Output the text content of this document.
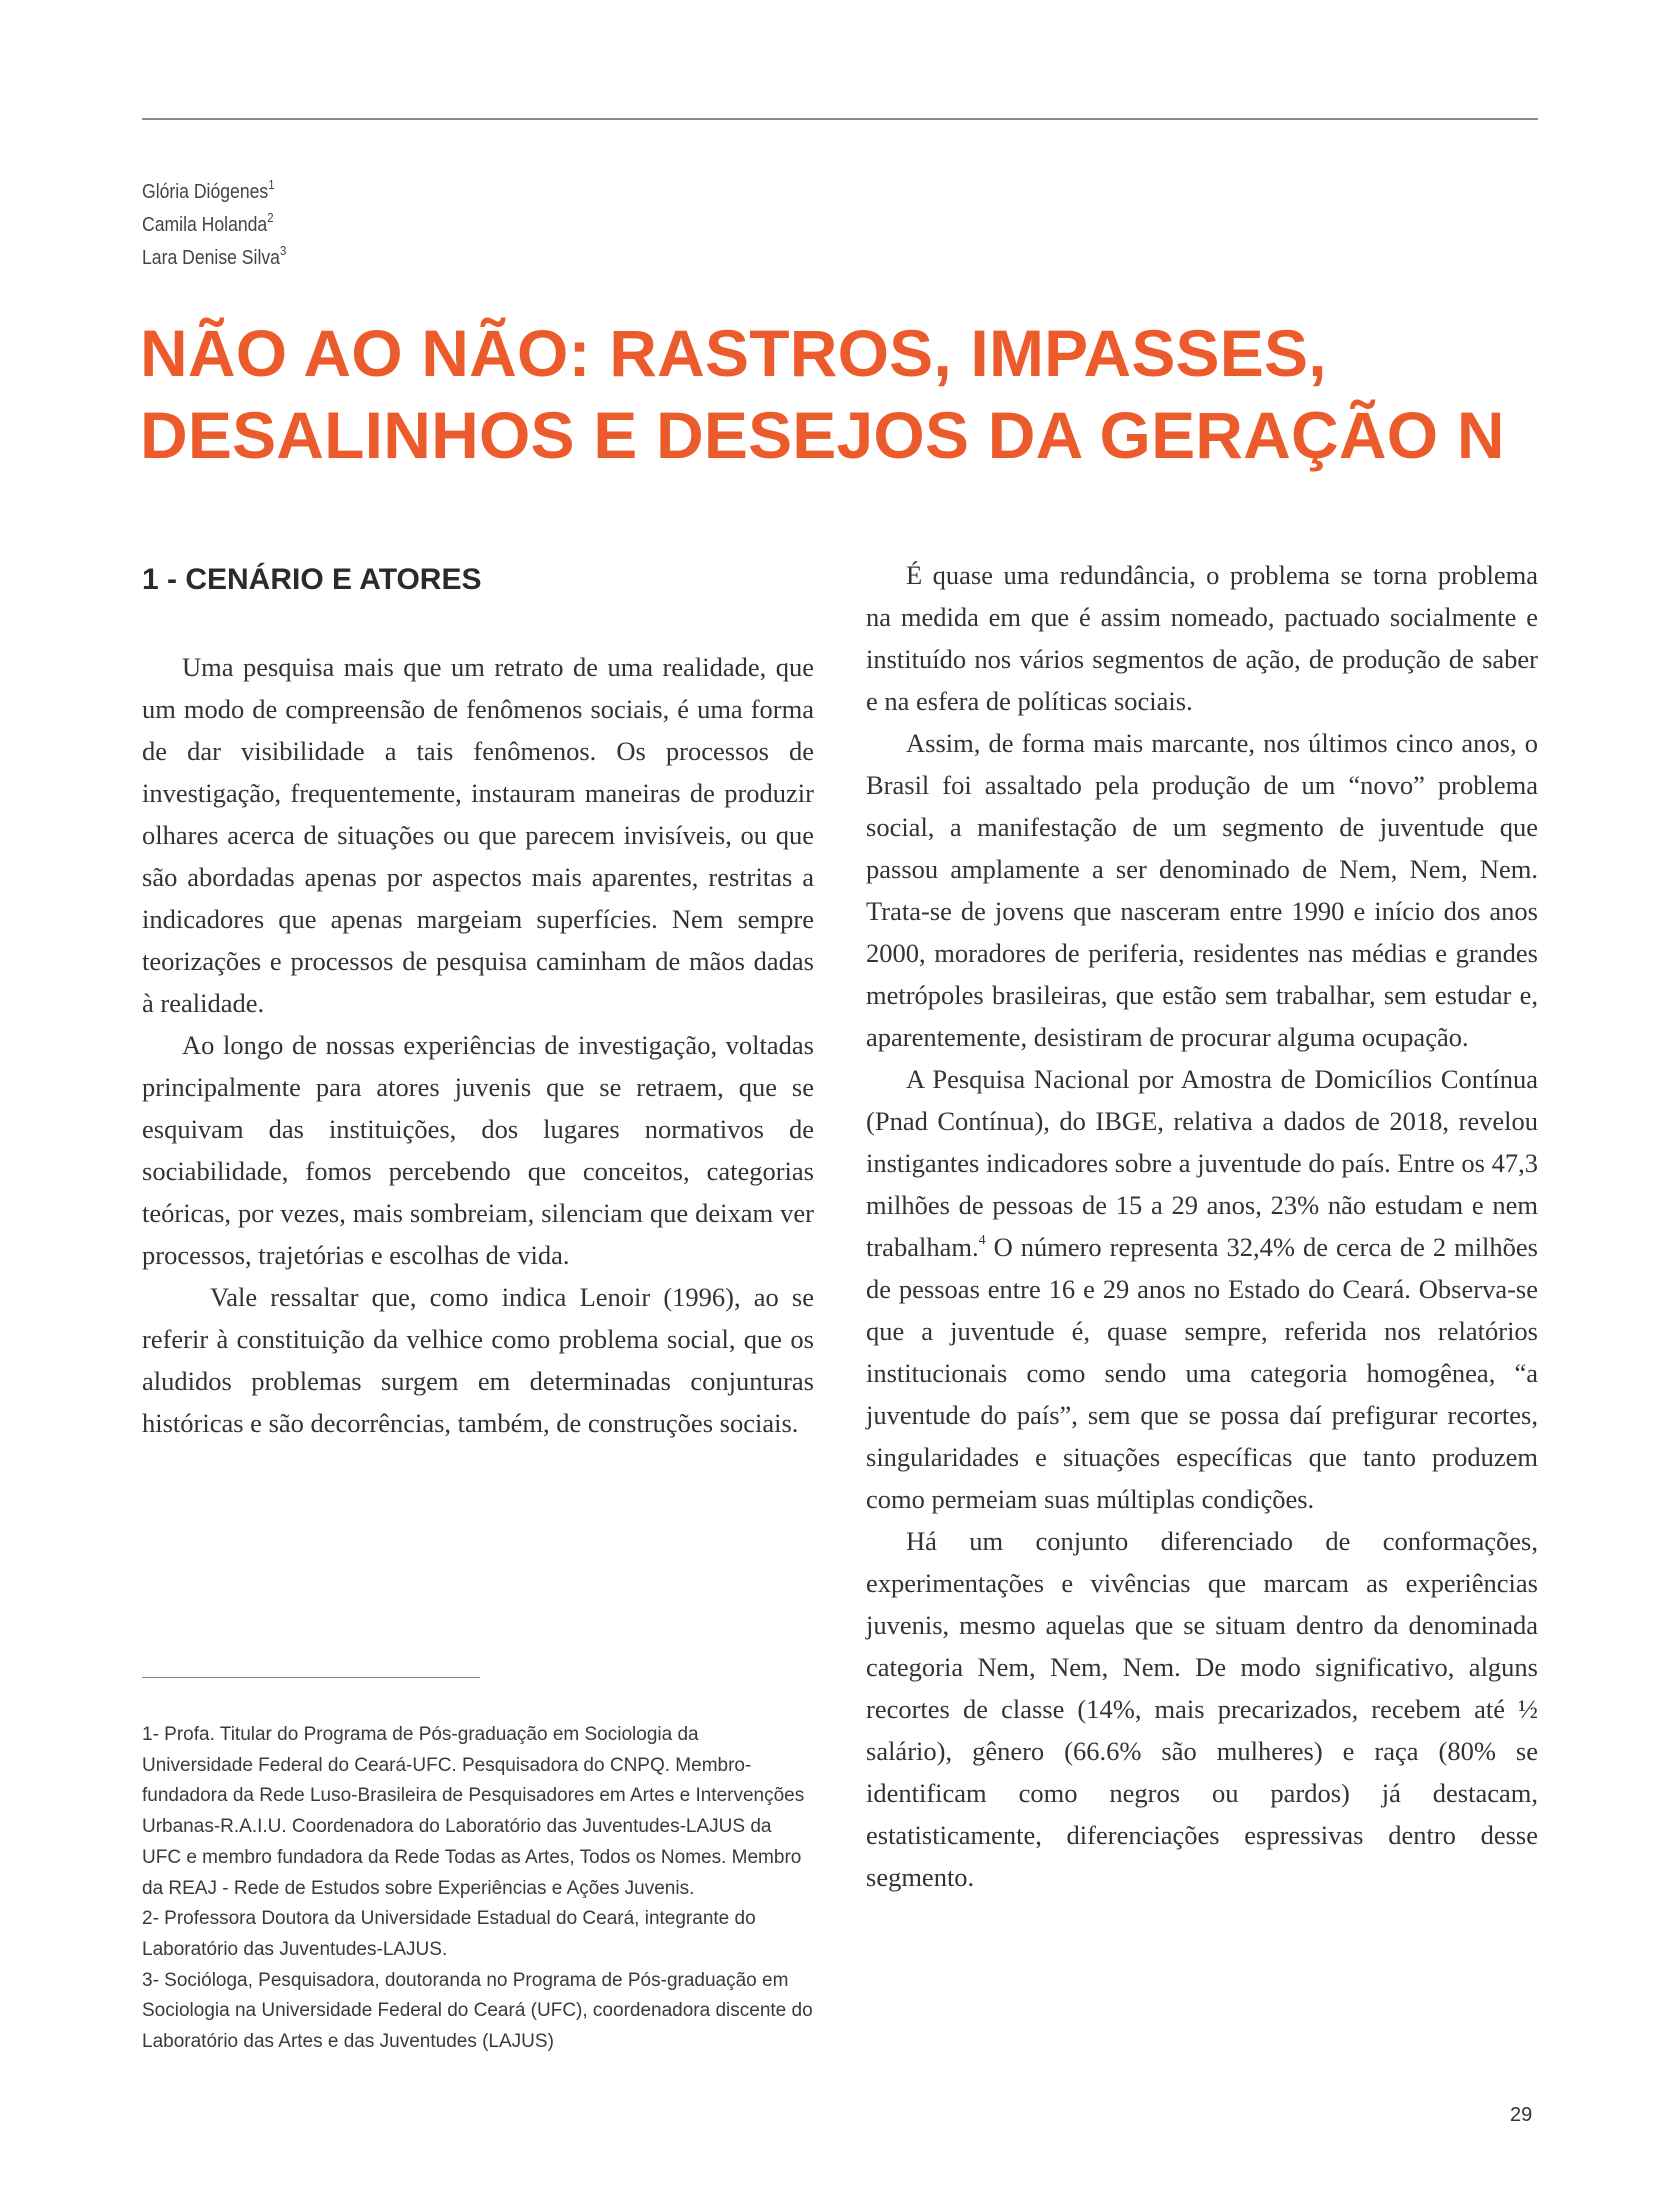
Glória Diógenes$^1$
Camila Holanda$^2$
Lara Denise Silva$^3$
NÃO AO NÃO: RASTROS, IMPASSES,
DESALINHOS E DESEJOS DA GERAÇÃO N
1 - CENÁRIO E ATORES

Uma pesquisa mais que um retrato de uma realidade, que um modo de compreensão de fenômenos sociais, é uma forma de dar visibilidade a tais fenômenos. Os processos de investigação, frequentemente, instauram maneiras de produzir olhares acerca de situações ou que parecem invisíveis, ou que são abordadas apenas por aspectos mais aparentes, restritas a indicadores que apenas margeiam superfícies. Nem sempre teorizações e processos de pesquisa caminham de mãos dadas à realidade.

Ao longo de nossas experiências de investigação, voltadas principalmente para atores juvenis que se retraem, que se esquivam das instituições, dos lugares normativos de sociabilidade, fomos percebendo que conceitos, categorias teóricas, por vezes, mais sombreiam, silenciam que deixam ver processos, trajetórias e escolhas de vida.

Vale ressaltar que, como indica Lenoir (1996), ao se referir à constituição da velhice como problema social, que os aludidos problemas surgem em determinadas conjunturas históricas e são decorrências, também, de construções sociais.

É quase uma redundância, o problema se torna problema na medida em que é assim nomeado, pactuado socialmente e instituído nos vários segmentos de ação, de produção de saber e na esfera de políticas sociais.

Assim, de forma mais marcante, nos últimos cinco anos, o Brasil foi assaltado pela produção de um “novo” problema social, a manifestação de um segmento de juventude que passou amplamente a ser denominado de Nem, Nem, Nem. Trata-se de jovens que nasceram entre 1990 e início dos anos 2000, moradores de periferia, residentes nas médias e grandes metrópoles brasileiras, que estão sem trabalhar, sem estudar e, aparentemente, desistiram de procurar alguma ocupação.

A Pesquisa Nacional por Amostra de Domicílios Contínua (Pnad Contínua), do IBGE, relativa a dados de 2018, revelou instigantes indicadores sobre a juventude do país. Entre os 47,3 milhões de pessoas de 15 a 29 anos, 23% não estudam e nem trabalham.$^4$ O número representa 32,4% de cerca de 2 milhões de pessoas entre 16 e 29 anos no Estado do Ceará. Observa-se que a juventude é, quase sempre, referida nos relatórios institucionais como sendo uma categoria homogênea, “a juventude do país”, sem que se possa daí prefigurar recortes, singularidades e situações específicas que tanto produzem como permeiam suas múltiplas condições.

Há um conjunto diferenciado de conformações, experimentações e vivências que marcam as experiências juvenis, mesmo aquelas que se situam dentro da denominada categoria Nem, Nem, Nem. De modo significativo, alguns recortes de classe (14%, mais precarizados, recebem até ½ salário), gênero (66.6% são mulheres) e raça (80% se identificam como negros ou pardos) já destacam, estatisticamente, diferenciações espressivas dentro desse segmento.

1- Profa. Titular do Programa de Pós-graduação em Sociologia da Universidade Federal do Ceará-UFC. Pesquisadora do CNPQ. Membro-fundadora da Rede Luso-Brasileira de Pesquisadores em Artes e Intervenções Urbanas-R.A.I.U. Coordenadora do Laboratório das Juventudes-LAJUS da UFC e membro fundadora da Rede Todas as Artes, Todos os Nomes. Membro da REAJ - Rede de Estudos sobre Experiências e Ações Juvenis.

2- Professora Doutora da Universidade Estadual do Ceará, integrante do Laboratório das Juventudes-LAJUS.

3- Socióloga, Pesquisadora, doutoranda no Programa de Pós-graduação em Sociologia na Universidade Federal do Ceará (UFC), coordenadora discente do Laboratório das Artes e das Juventudes (LAJUS)

29
